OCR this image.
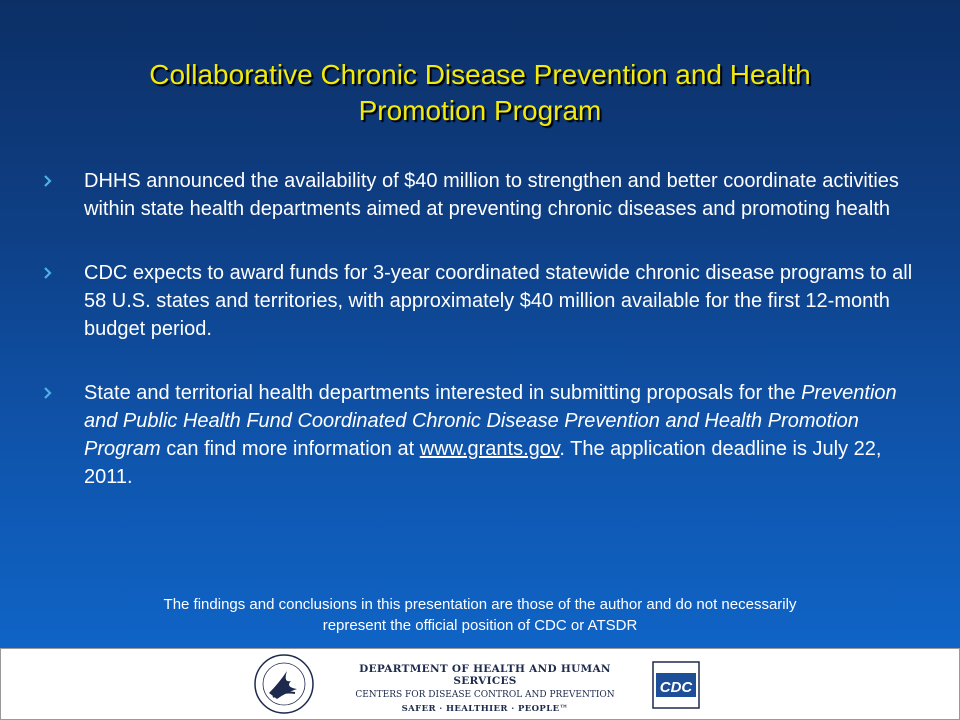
Collaborative Chronic Disease Prevention and Health
Promotion Program
DHHS announced the availability of $40 million to strengthen and better coordinate activities within state health departments aimed at preventing chronic diseases and promoting health
CDC expects to award funds for 3-year coordinated statewide chronic disease programs to all 58 U.S. states and territories, with approximately $40 million available for the first 12-month budget period.
State and territorial health departments interested in submitting proposals for the Prevention and Public Health Fund Coordinated Chronic Disease Prevention and Health Promotion Program can find more information at www.grants.gov. The application deadline is July 22, 2011.
The findings and conclusions in this presentation are those of the author and do not necessarily
represent the official position of CDC or ATSDR
DEPARTMENT OF HEALTH AND HUMAN SERVICES
CENTERS FOR DISEASE CONTROL AND PREVENTION
SAFER · HEALTHIER · PEOPLE™
CDC
